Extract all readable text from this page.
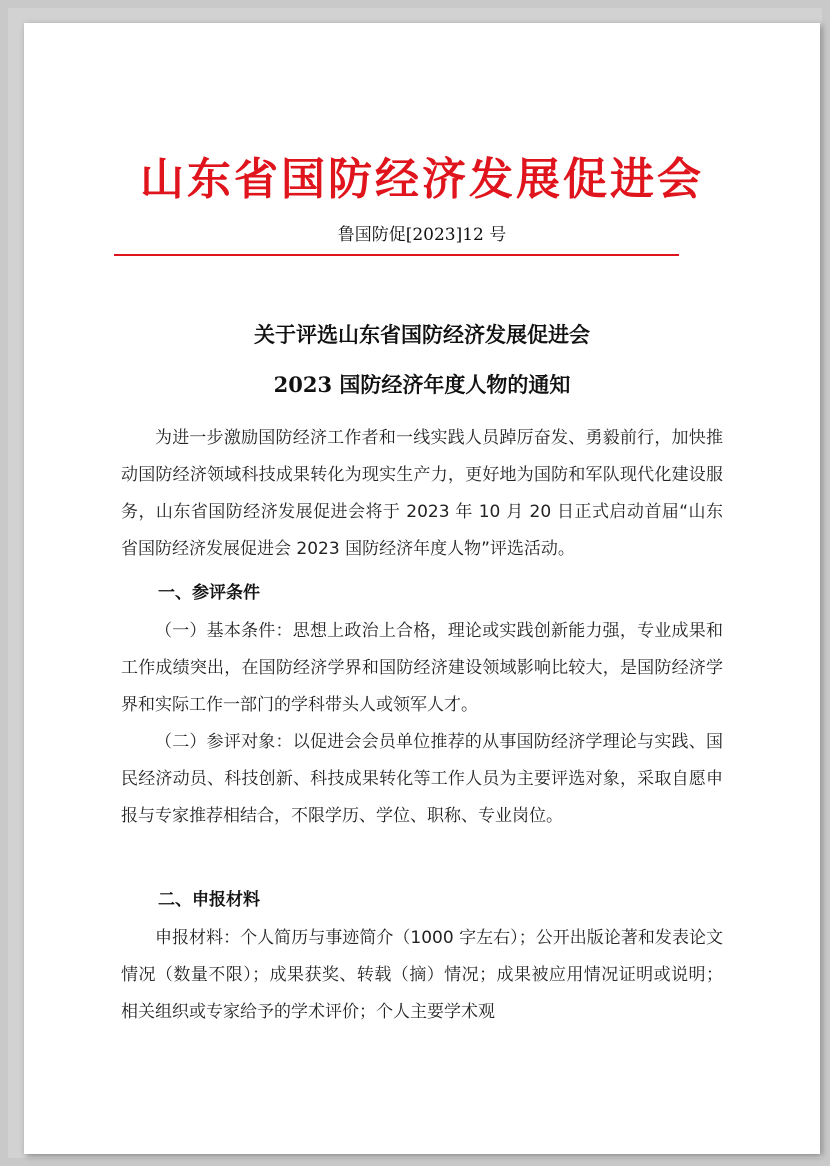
山东省国防经济发展促进会
鲁国防促[2023]12 号
关于评选山东省国防经济发展促进会
2023 国防经济年度人物的通知
为进一步激励国防经济工作者和一线实践人员踔厉奋发、勇毅前行，加快推动国防经济领域科技成果转化为现实生产力，更好地为国防和军队现代化建设服务，山东省国防经济发展促进会将于 2023 年 10 月 20 日正式启动首届“山东省国防经济发展促进会 2023 国防经济年度人物”评选活动。
一、参评条件
（一）基本条件：思想上政治上合格，理论或实践创新能力强，专业成果和工作成绩突出，在国防经济学界和国防经济建设领域影响比较大，是国防经济学界和实际工作一部门的学科带头人或领军人才。
（二）参评对象：以促进会会员单位推荐的从事国防经济学理论与实践、国民经济动员、科技创新、科技成果转化等工作人员为主要评选对象，采取自愿申报与专家推荐相结合，不限学历、学位、职称、专业岗位。
二、申报材料
申报材料：个人简历与事迹简介（1000 字左右）；公开出版论著和发表论文情况（数量不限）；成果获奖、转载（摘）情况；成果被应用情况证明或说明；相关组织或专家给予的学术评价；个人主要学术观
